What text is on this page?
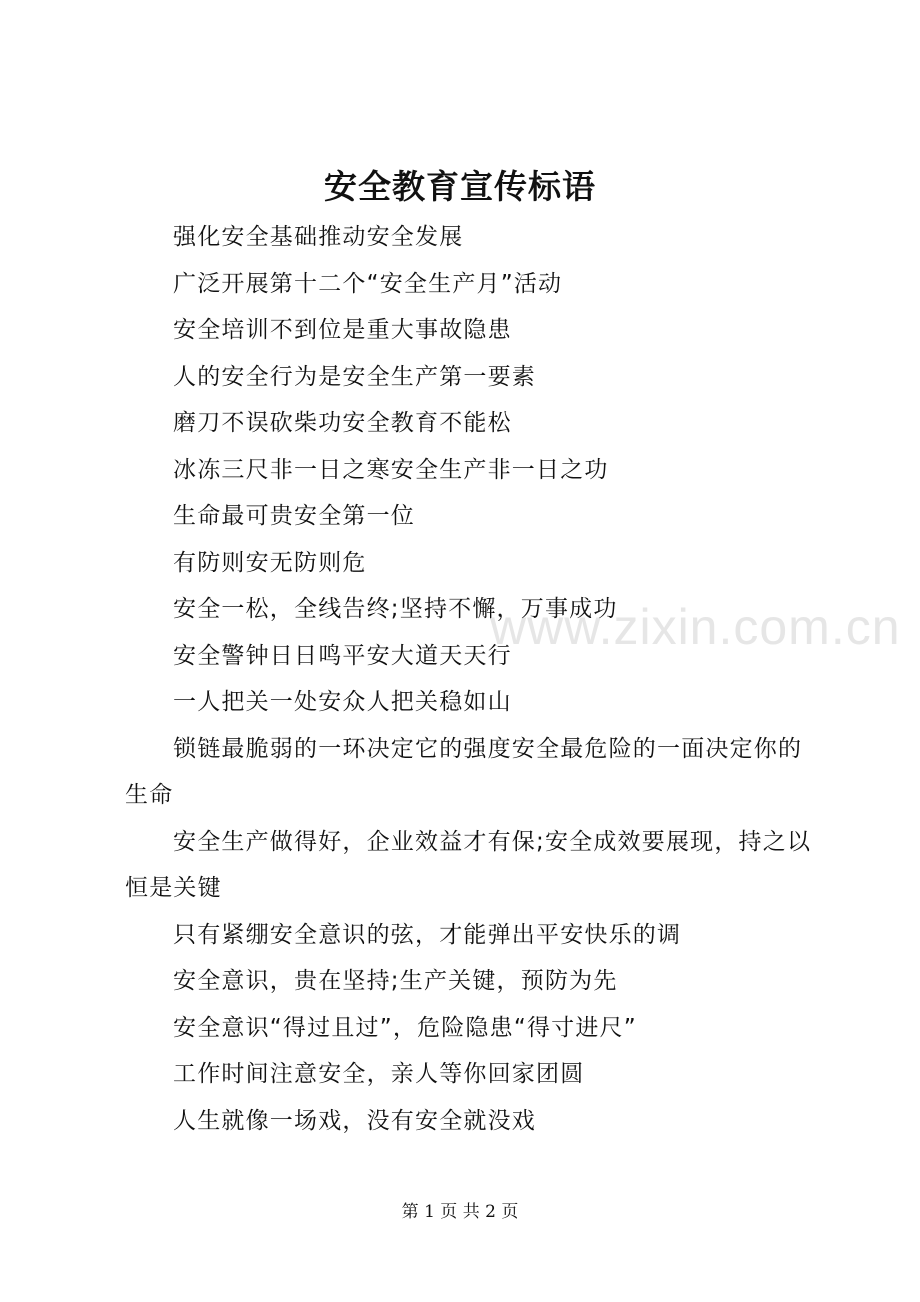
安全教育宣传标语
www.zixin.com.cn

强化安全基础推动安全发展

广泛开展第十二个“安全生产月”活动

安全培训不到位是重大事故隐患

人的安全行为是安全生产第一要素

磨刀不误砍柴功安全教育不能松

冰冻三尺非一日之寒安全生产非一日之功

生命最可贵安全第一位

有防则安无防则危

安全一松，全线告终;坚持不懈，万事成功

安全警钟日日鸣平安大道天天行

一人把关一处安众人把关稳如山

锁链最脆弱的一环决定它的强度安全最危险的一面决定你的生命

安全生产做得好，企业效益才有保;安全成效要展现，持之以恒是关键

只有紧绷安全意识的弦，才能弹出平安快乐的调

安全意识，贵在坚持;生产关键，预防为先

安全意识“得过且过”，危险隐患“得寸进尺”

工作时间注意安全，亲人等你回家团圆

人生就像一场戏，没有安全就没戏

第 1 页 共 2 页
